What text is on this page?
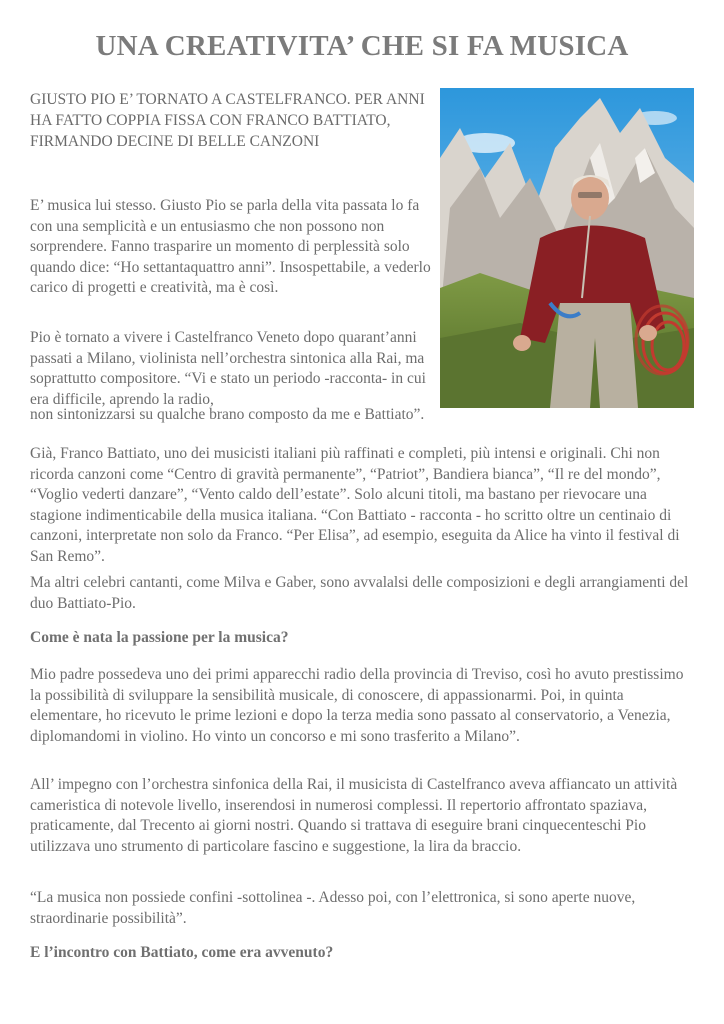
UNA CREATIVITA’ CHE SI FA MUSICA

GIUSTO PIO E’ TORNATO A CASTELFRANCO. PER ANNI HA FATTO COPPIA FISSA CON FRANCO BATTIATO, FIRMANDO DECINE DI BELLE CANZONI

E’ musica lui stesso. Giusto Pio se parla della vita passata lo fa con una semplicità e un entusiasmo che non possono non sorprendere. Fanno trasparire un momento di perplessità solo quando dice: “Ho settantaquattro anni”. Insospettabile, a vederlo carico di progetti e creatività, ma è così.

Pio è tornato a vivere i Castelfranco Veneto dopo quarant’anni passati a Milano, violinista nell’orchestra sintonica alla Rai, ma soprattutto compositore. “Vi e stato un periodo -racconta- in cui era difficile, aprendo la radio,

non sintonizzarsi su qualche brano composto da me e Battiato”.

Già, Franco Battiato, uno dei musicisti italiani più raffinati e completi, più intensi e originali. Chi non ricorda canzoni come “Centro di gravità permanente”, “Patriot”, Bandiera bianca”, “Il re del mondo”, “Voglio vederti danzare”, “Vento caldo dell’estate”. Solo alcuni titoli, ma bastano per rievocare una stagione indimenticabile della musica italiana. “Con Battiato - racconta - ho scritto oltre un centinaio di canzoni, interpretate non solo da Franco. “Per Elisa”, ad esempio, eseguita da Alice ha vinto il festival di San Remo”.

Ma altri celebri cantanti, come Milva e Gaber, sono avvalalsi delle composizioni e degli arrangiamenti del duo Battiato-Pio.

Come è nata la passione per la musica?

Mio padre possedeva uno dei primi apparecchi radio della provincia di Treviso, così ho avuto prestissimo la possibilità di sviluppare la sensibilità musicale, di conoscere, di appassionarmi. Poi, in quinta elementare, ho ricevuto le prime lezioni e dopo la terza media sono passato al conservatorio, a Venezia, diplomandomi in violino. Ho vinto un concorso e mi sono trasferito a Milano”.

All’ impegno con l’orchestra sinfonica della Rai, il musicista di Castelfranco aveva affiancato un attività cameristica di notevole livello, inserendosi in numerosi complessi. Il repertorio affrontato spaziava, praticamente, dal Trecento ai giorni nostri. Quando si trattava di eseguire brani cinquecenteschi Pio utilizzava uno strumento di particolare fascino e suggestione, la lira da braccio.

“La musica non possiede confini -sottolinea -. Adesso poi, con l’elettronica, si sono aperte nuove, straordinarie possibilità”.

E l’incontro con Battiato, come era avvenuto?
